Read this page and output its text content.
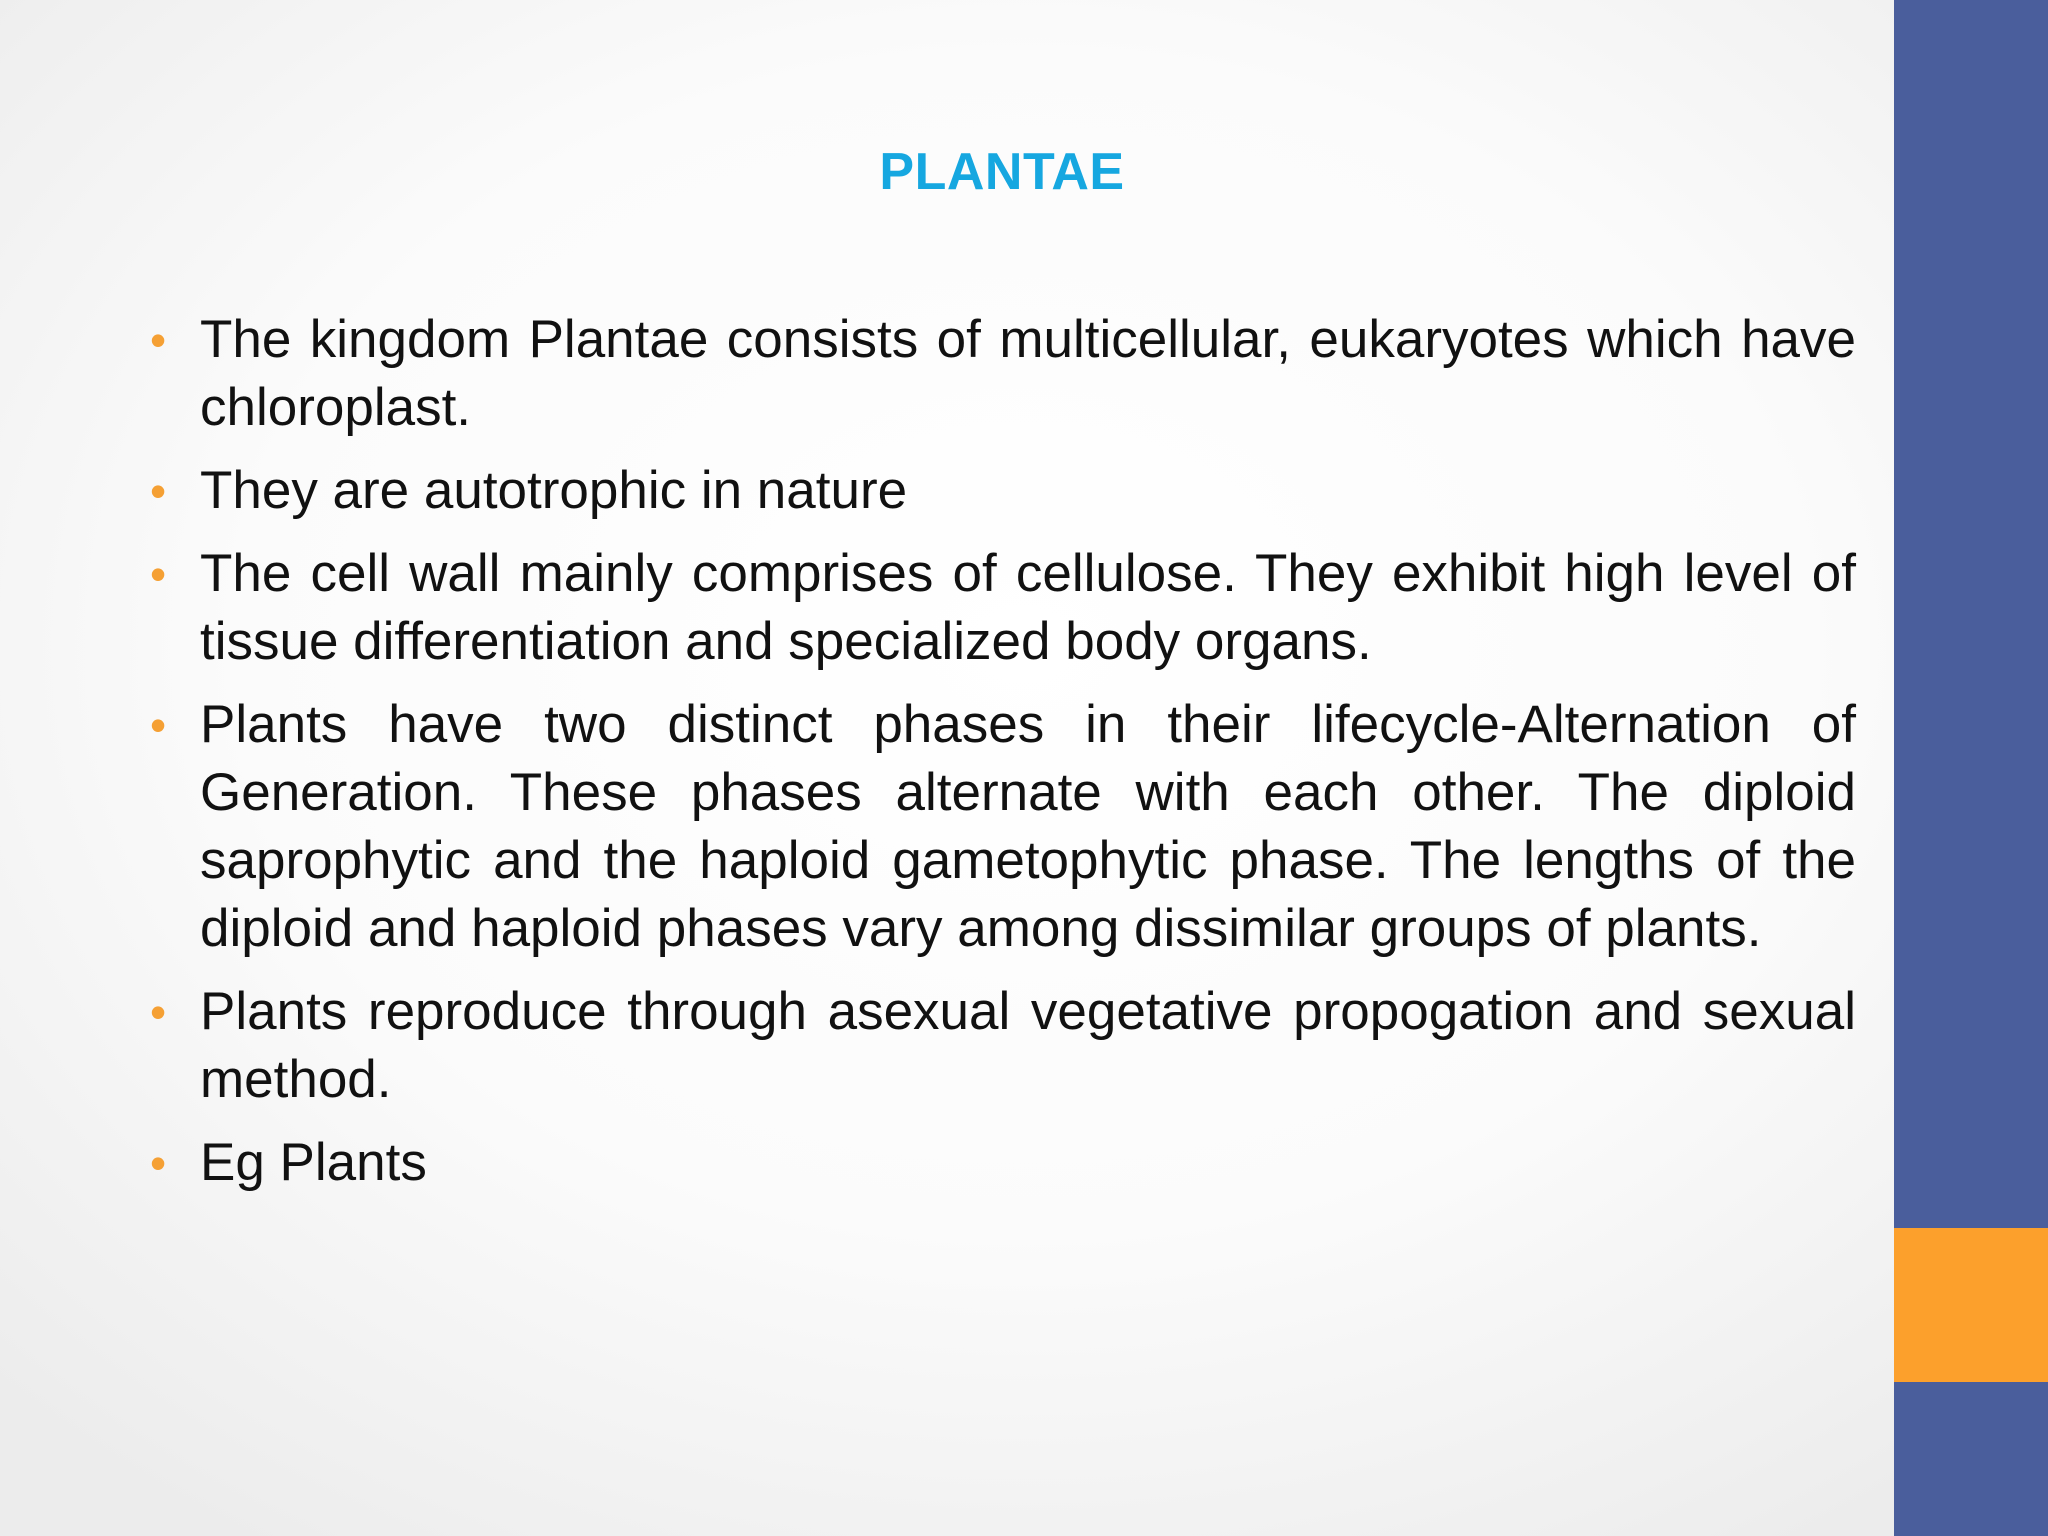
PLANTAE
• The kingdom Plantae consists of multicellular, eukaryotes which have chloroplast.
• They are autotrophic in nature
• The cell wall mainly comprises of cellulose. They exhibit high level of tissue differentiation and specialized body organs.
• Plants have two distinct phases in their lifecycle-Alternation of Generation. These phases alternate with each other. The diploid saprophytic and the haploid gametophytic phase. The lengths of the diploid and haploid phases vary among dissimilar groups of plants.
• Plants reproduce through asexual vegetative propogation and sexual method.
• Eg Plants
